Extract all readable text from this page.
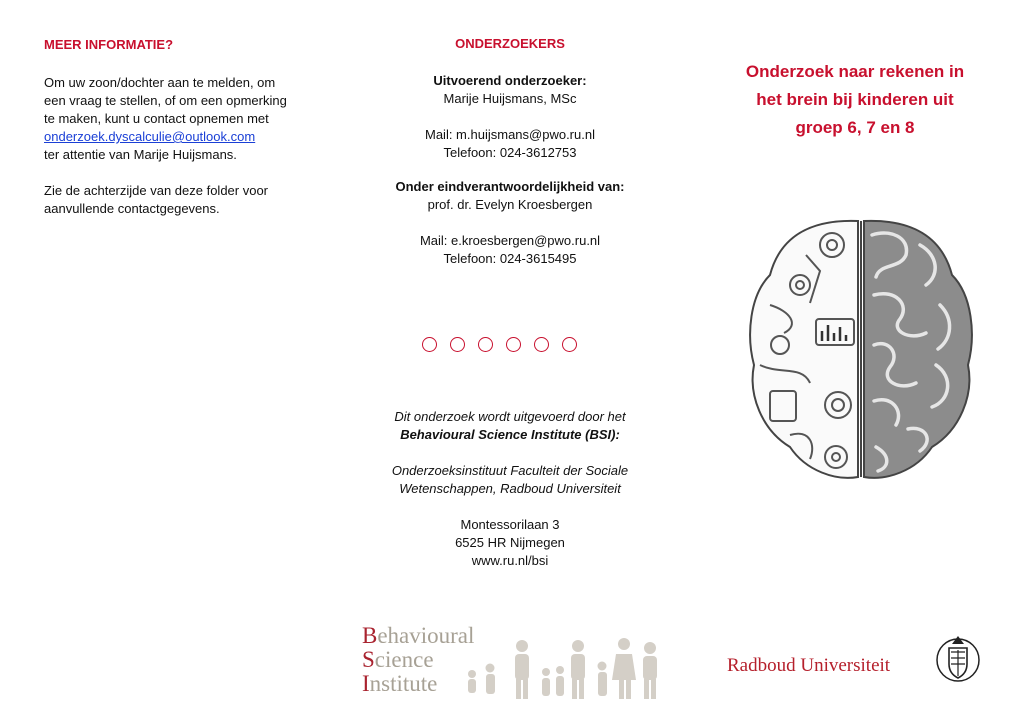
MEER INFORMATIE?

Om uw zoon/dochter aan te melden, om

een vraag te stellen, of om een opmerking

te maken, kunt u contact opnemen met

onderzoek.dyscalculie@outlook.com

ter attentie van Marije Huijsmans.

Zie de achterzijde van deze folder voor

aanvullende contactgegevens.

ONDERZOEKERS
Uitvoerend onderzoeker:
Marije Huijsmans, MSc
Mail: m.huijsmans@pwo.ru.nl
Telefoon: 024-3612753
Onder eindverantwoordelijkheid van:
prof. dr. Evelyn Kroesbergen
Mail: e.kroesbergen@pwo.ru.nl
Telefoon: 024-3615495
Dit onderzoek wordt uitgevoerd door het
Behavioural Science Institute (BSI):
Onderzoeksinstituut Faculteit der Sociale
Wetenschappen, Radboud Universiteit
Montessorilaan 3
6525 HR Nijmegen
www.ru.nl/bsi
Behavioural
Science
Institute
Onderzoek naar rekenen in
het brein bij kinderen uit
groep 6, 7 en 8
Radboud Universiteit
